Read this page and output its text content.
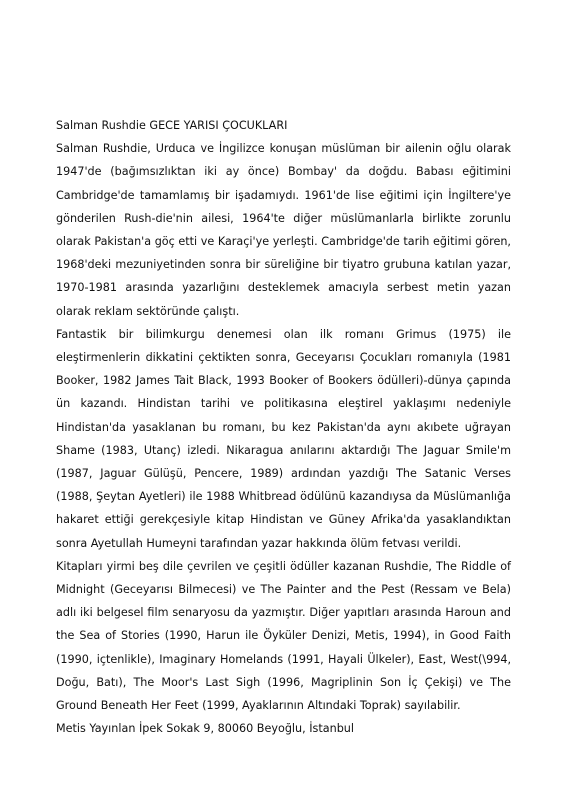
Salman Rushdie GECE YARISI ÇOCUKLARI

Salman Rushdie, Urduca ve İngilizce konuşan müslüman bir ailenin oğlu olarak 1947'de (bağımsızlıktan iki ay önce) Bombay' da doğdu. Babası eğitimini Cambridge'de tamamlamış bir işadamıydı. 1961'de lise eğitimi için İngiltere'ye gönderilen Rush-die'nin ailesi, 1964'te diğer müslümanlarla birlikte zorunlu olarak Pakistan'a göç etti ve Karaçi'ye yerleşti. Cambridge'de tarih eğitimi gören, 1968'deki mezuniyetinden sonra bir süreliğine bir tiyatro grubuna katılan yazar, 1970-1981 arasında yazarlığını desteklemek amacıyla serbest metin yazan olarak reklam sektöründe çalıştı.

Fantastik bir bilimkurgu denemesi olan ilk romanı Grimus (1975) ile eleştirmenlerin dikkatini çektikten sonra, Geceyarısı Çocukları romanıyla (1981 Booker, 1982 James Tait Black, 1993 Booker of Bookers ödülleri)-dünya çapında ün kazandı. Hindistan tarihi ve politikasına eleştirel yaklaşımı nedeniyle Hindistan'da yasaklanan bu romanı, bu kez Pakistan'da aynı akıbete uğrayan Shame (1983, Utanç) izledi. Nikaragua anılarını aktardığı The Jaguar Smile'm (1987, Jaguar Gülüşü, Pencere, 1989) ardından yazdığı The Satanic Verses (1988, Şeytan Ayetleri) ile 1988 Whitbread ödülünü kazandıysa da Müslümanlığa hakaret ettiği gerekçesiyle kitap Hindistan ve Güney Afrika'da yasaklandıktan sonra Ayetullah Humeyni tarafından yazar hakkında ölüm fetvası verildi.

Kitapları yirmi beş dile çevrilen ve çeşitli ödüller kazanan Rushdie, The Riddle of Midnight (Geceyarısı Bilmecesi) ve The Painter and the Pest (Ressam ve Bela) adlı iki belgesel film senaryosu da yazmıştır. Diğer yapıtları arasında Haroun and the Sea of Stories (1990, Harun ile Öyküler Denizi, Metis, 1994), in Good Faith (1990, içtenlikle), Imaginary Homelands (1991, Hayali Ülkeler), East, West(\994, Doğu, Batı), The Moor's Last Sigh (1996, Magriplinin Son İç Çekişi) ve The Ground Beneath Her Feet (1999, Ayaklarının Altındaki Toprak) sayılabilir.

Metis Yayınlan İpek Sokak 9, 80060 Beyoğlu, İstanbul
